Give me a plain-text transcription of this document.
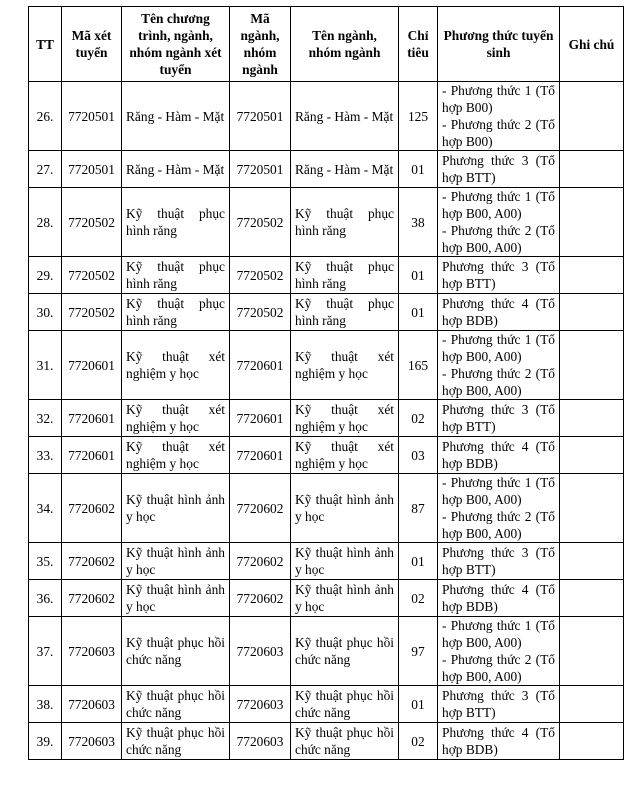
TT	Mã xét tuyển	Tên chương trình, ngành, nhóm ngành xét tuyển	Mã ngành, nhóm ngành	Tên ngành, nhóm ngành	Chỉ tiêu	Phương thức tuyển sinh	Ghi chú
26.	7720501	Răng - Hàm - Mặt	7720501	Răng - Hàm - Mặt	125	- Phương thức 1 (Tổ hợp B00)
- Phương thức 2 (Tổ hợp B00)	

27.	7720501	Răng - Hàm - Mặt	7720501	Răng - Hàm - Mặt	01	Phương thức 3 (Tổ hợp BTT)	

28.	7720502	Kỹ thuật phục hình răng	7720502	Kỹ thuật phục hình răng	38	- Phương thức 1 (Tổ hợp B00, A00)
- Phương thức 2 (Tổ hợp B00, A00)	

29.	7720502	Kỹ thuật phục hình răng	7720502	Kỹ thuật phục hình răng	01	Phương thức 3 (Tổ hợp BTT)	

30.	7720502	Kỹ thuật phục hình răng	7720502	Kỹ thuật phục hình răng	01	Phương thức 4 (Tổ hợp BDB)	

31.	7720601	Kỹ thuật xét nghiệm y học	7720601	Kỹ thuật xét nghiệm y học	165	- Phương thức 1 (Tổ hợp B00, A00)
- Phương thức 2 (Tổ hợp B00, A00)	

32.	7720601	Kỹ thuật xét nghiệm y học	7720601	Kỹ thuật xét nghiệm y học	02	Phương thức 3 (Tổ hợp BTT)	

33.	7720601	Kỹ thuật xét nghiệm y học	7720601	Kỹ thuật xét nghiệm y học	03	Phương thức 4 (Tổ hợp BDB)	

34.	7720602	Kỹ thuật hình ảnh y học	7720602	Kỹ thuật hình ảnh y học	87	- Phương thức 1 (Tổ hợp B00, A00)
- Phương thức 2 (Tổ hợp B00, A00)	

35.	7720602	Kỹ thuật hình ảnh y học	7720602	Kỹ thuật hình ảnh y học	01	Phương thức 3 (Tổ hợp BTT)	

36.	7720602	Kỹ thuật hình ảnh y học	7720602	Kỹ thuật hình ảnh y học	02	Phương thức 4 (Tổ hợp BDB)	

37.	7720603	Kỹ thuật phục hồi chức năng	7720603	Kỹ thuật phục hồi chức năng	97	- Phương thức 1 (Tổ hợp B00, A00)
- Phương thức 2 (Tổ hợp B00, A00)	

38.	7720603	Kỹ thuật phục hồi chức năng	7720603	Kỹ thuật phục hồi chức năng	01	Phương thức 3 (Tổ hợp BTT)	

39.	7720603	Kỹ thuật phục hồi chức năng	7720603	Kỹ thuật phục hồi chức năng	02	Phương thức 4 (Tổ hợp BDB)	
